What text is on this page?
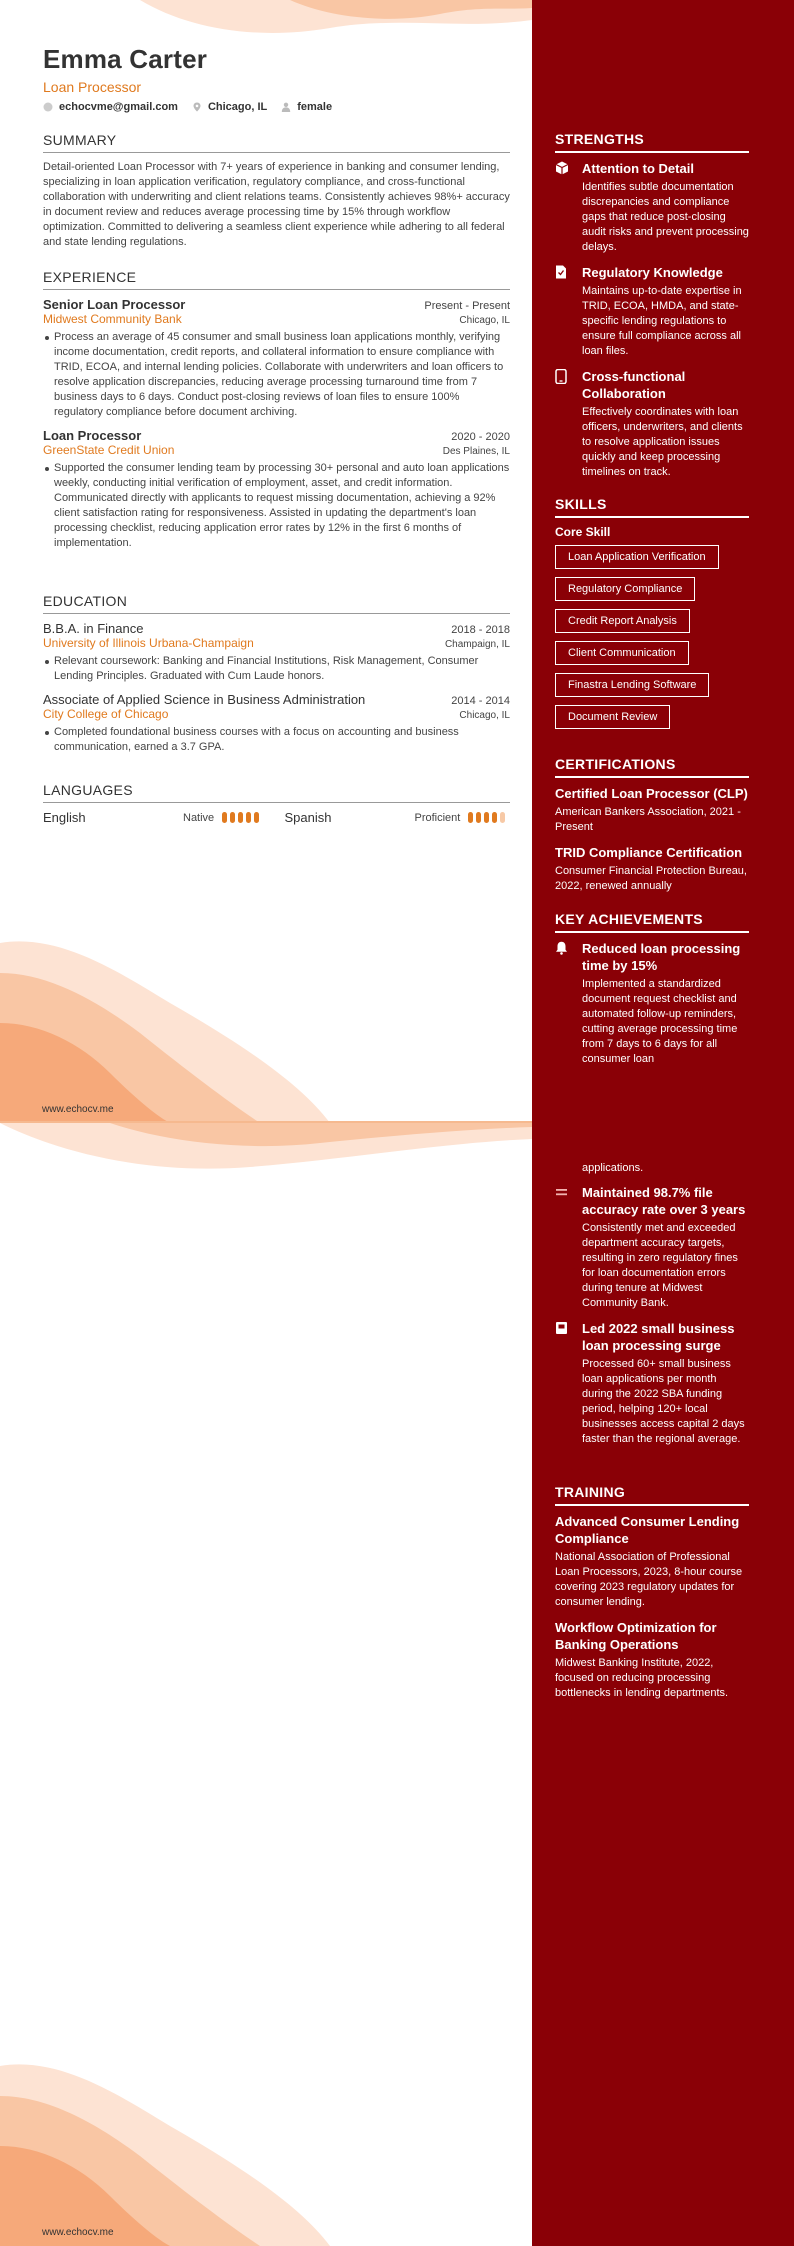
Emma Carter
Loan Processor
echocvme@gmail.com	Chicago, IL	female
SUMMARY
Detail-oriented Loan Processor with 7+ years of experience in banking and consumer lending, specializing in loan application verification, regulatory compliance, and cross-functional collaboration with underwriting and client relations teams. Consistently achieves 98%+ accuracy in document review and reduces average processing time by 15% through workflow optimization. Committed to delivering a seamless client experience while adhering to all federal and state lending regulations.
EXPERIENCE
Senior Loan Processor	Present - Present
Midwest Community Bank	Chicago, IL
Process an average of 45 consumer and small business loan applications monthly, verifying income documentation, credit reports, and collateral information to ensure compliance with TRID, ECOA, and internal lending policies. Collaborate with underwriters and loan officers to resolve application discrepancies, reducing average processing turnaround time from 7 business days to 6 days. Conduct post-closing reviews of loan files to ensure 100% regulatory compliance before document archiving.
Loan Processor	2020 - 2020
GreenState Credit Union	Des Plaines, IL
Supported the consumer lending team by processing 30+ personal and auto loan applications weekly, conducting initial verification of employment, asset, and credit information. Communicated directly with applicants to request missing documentation, achieving a 92% client satisfaction rating for responsiveness. Assisted in updating the department's loan processing checklist, reducing application error rates by 12% in the first 6 months of implementation.
EDUCATION
B.B.A. in Finance	2018 - 2018
University of Illinois Urbana-Champaign	Champaign, IL
Relevant coursework: Banking and Financial Institutions, Risk Management, Consumer Lending Principles. Graduated with Cum Laude honors.
Associate of Applied Science in Business Administration	2014 - 2014
City College of Chicago	Chicago, IL
Completed foundational business courses with a focus on accounting and business communication, earned a 3.7 GPA.
LANGUAGES
English	Native	Spanish	Proficient
STRENGTHS
Attention to Detail
Identifies subtle documentation discrepancies and compliance gaps that reduce post-closing audit risks and prevent processing delays.
Regulatory Knowledge
Maintains up-to-date expertise in TRID, ECOA, HMDA, and state-specific lending regulations to ensure full compliance across all loan files.
Cross-functional Collaboration
Effectively coordinates with loan officers, underwriters, and clients to resolve application issues quickly and keep processing timelines on track.
SKILLS
Core Skill
Loan Application Verification
Regulatory Compliance
Credit Report Analysis
Client Communication
Finastra Lending Software
Document Review
CERTIFICATIONS
Certified Loan Processor (CLP)
American Bankers Association, 2021 - Present
TRID Compliance Certification
Consumer Financial Protection Bureau, 2022, renewed annually
KEY ACHIEVEMENTS
Reduced loan processing time by 15%
Implemented a standardized document request checklist and automated follow-up reminders, cutting average processing time from 7 days to 6 days for all consumer loan
www.echocv.me
applications.
Maintained 98.7% file accuracy rate over 3 years
Consistently met and exceeded department accuracy targets, resulting in zero regulatory fines for loan documentation errors during tenure at Midwest Community Bank.
Led 2022 small business loan processing surge
Processed 60+ small business loan applications per month during the 2022 SBA funding period, helping 120+ local businesses access capital 2 days faster than the regional average.
TRAINING
Advanced Consumer Lending Compliance
National Association of Professional Loan Processors, 2023, 8-hour course covering 2023 regulatory updates for consumer lending.
Workflow Optimization for Banking Operations
Midwest Banking Institute, 2022, focused on reducing processing bottlenecks in lending departments.
www.echocv.me
